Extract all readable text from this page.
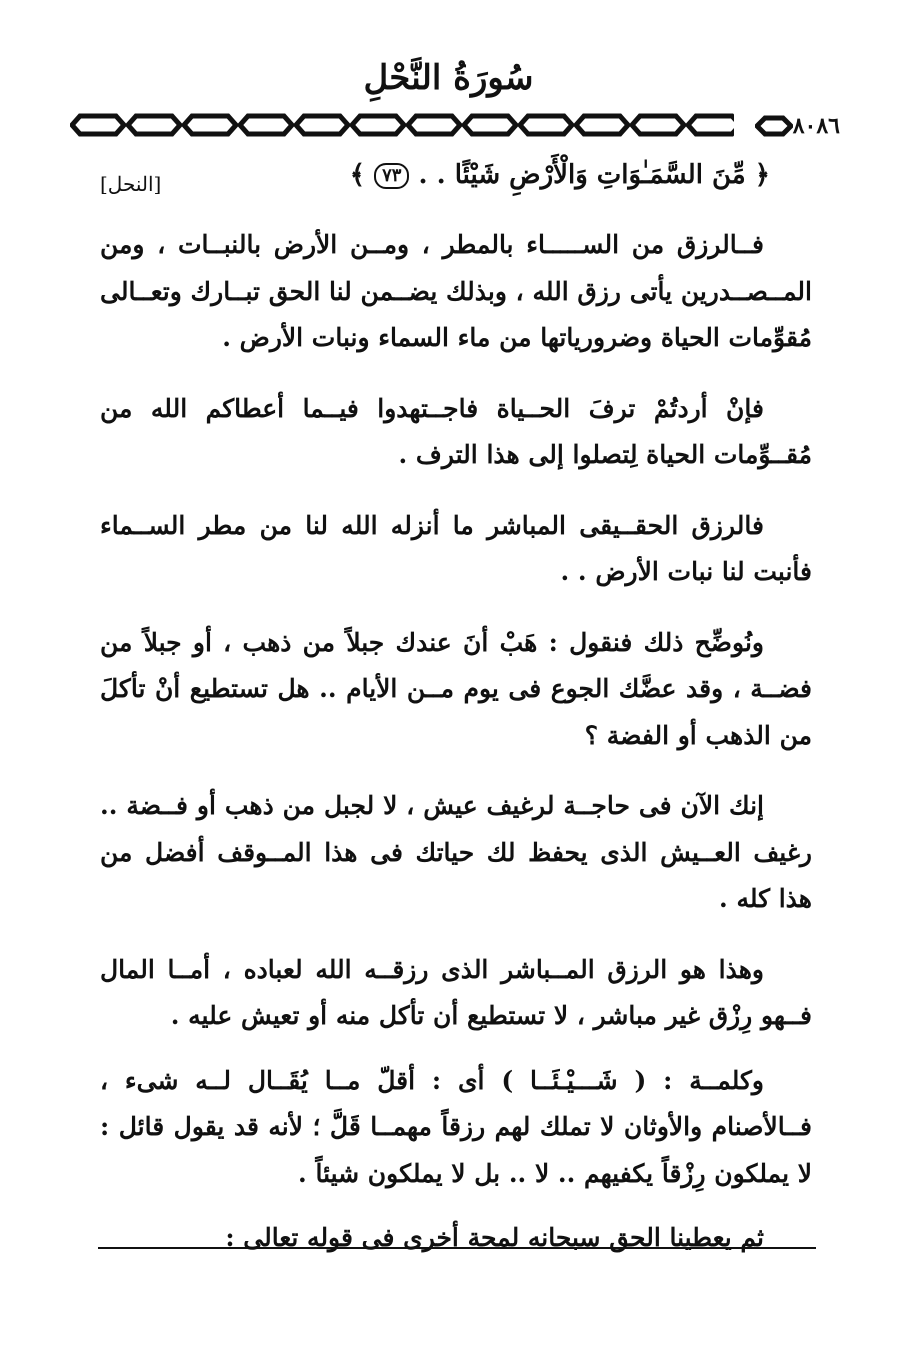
سُورَةُ النَّحْلِ
٨٠٨٦
﴿ مِّنَ السَّمَـٰوَاتِ وَالْأَرْضِ شَيْئًا . . ٧٣ ﴾
[النحل]

فــالرزق من الســـــاء بالمطر ، ومــن الأرض بالنبــات ، ومن المــصــدرين يأتى رزق الله ، وبذلك يضــمن لنا الحق تبــارك وتعــالى مُقوِّمات الحياة وضرورياتها من ماء السماء ونبات الأرض .

فإنْ أردتُمْ ترفَ الحــياة فاجــتهدوا فيــما أعطاكم الله من مُقــوِّمات الحياة لِتصلوا إلى هذا الترف .

فالرزق الحقــيقى المباشر ما أنزله الله لنا من مطر الســماء فأنبت لنا نبات الأرض . .

ونُوضِّح ذلك فنقول : هَبْ أنَ عندك جبلاً من ذهب ، أو جبلاً من فضــة ، وقد عضَّك الجوع فى يوم مــن الأيام .. هل تستطيع أنْ تأكلَ من الذهب أو الفضة ؟

إنك الآن فى حاجــة لرغيف عيش ، لا لجبل من ذهب أو فــضة .. رغيف العــيش الذى يحفظ لك حياتك فى هذا المــوقف أفضل من هذا كله .

وهذا هو الرزق المــباشر الذى رزقــه الله لعباده ، أمــا المال فــهو رِزْق غير مباشر ، لا تستطيع أن تأكل منه أو تعيش عليه .

وكلمــة : ( شَـــيْـئَــا ) أى : أقلّ مــا يُقَــال لــه شىء ، فــالأصنام والأوثان لا تملك لهم رزقاً مهمــا قَلَّ ؛ لأنه قد يقول قائل : لا يملكون رِزْقاً يكفيهم .. لا .. بل لا يملكون شيئاً .

ثم يعطينا الحق سبحانه لمحة أخرى فى قوله تعالى :
